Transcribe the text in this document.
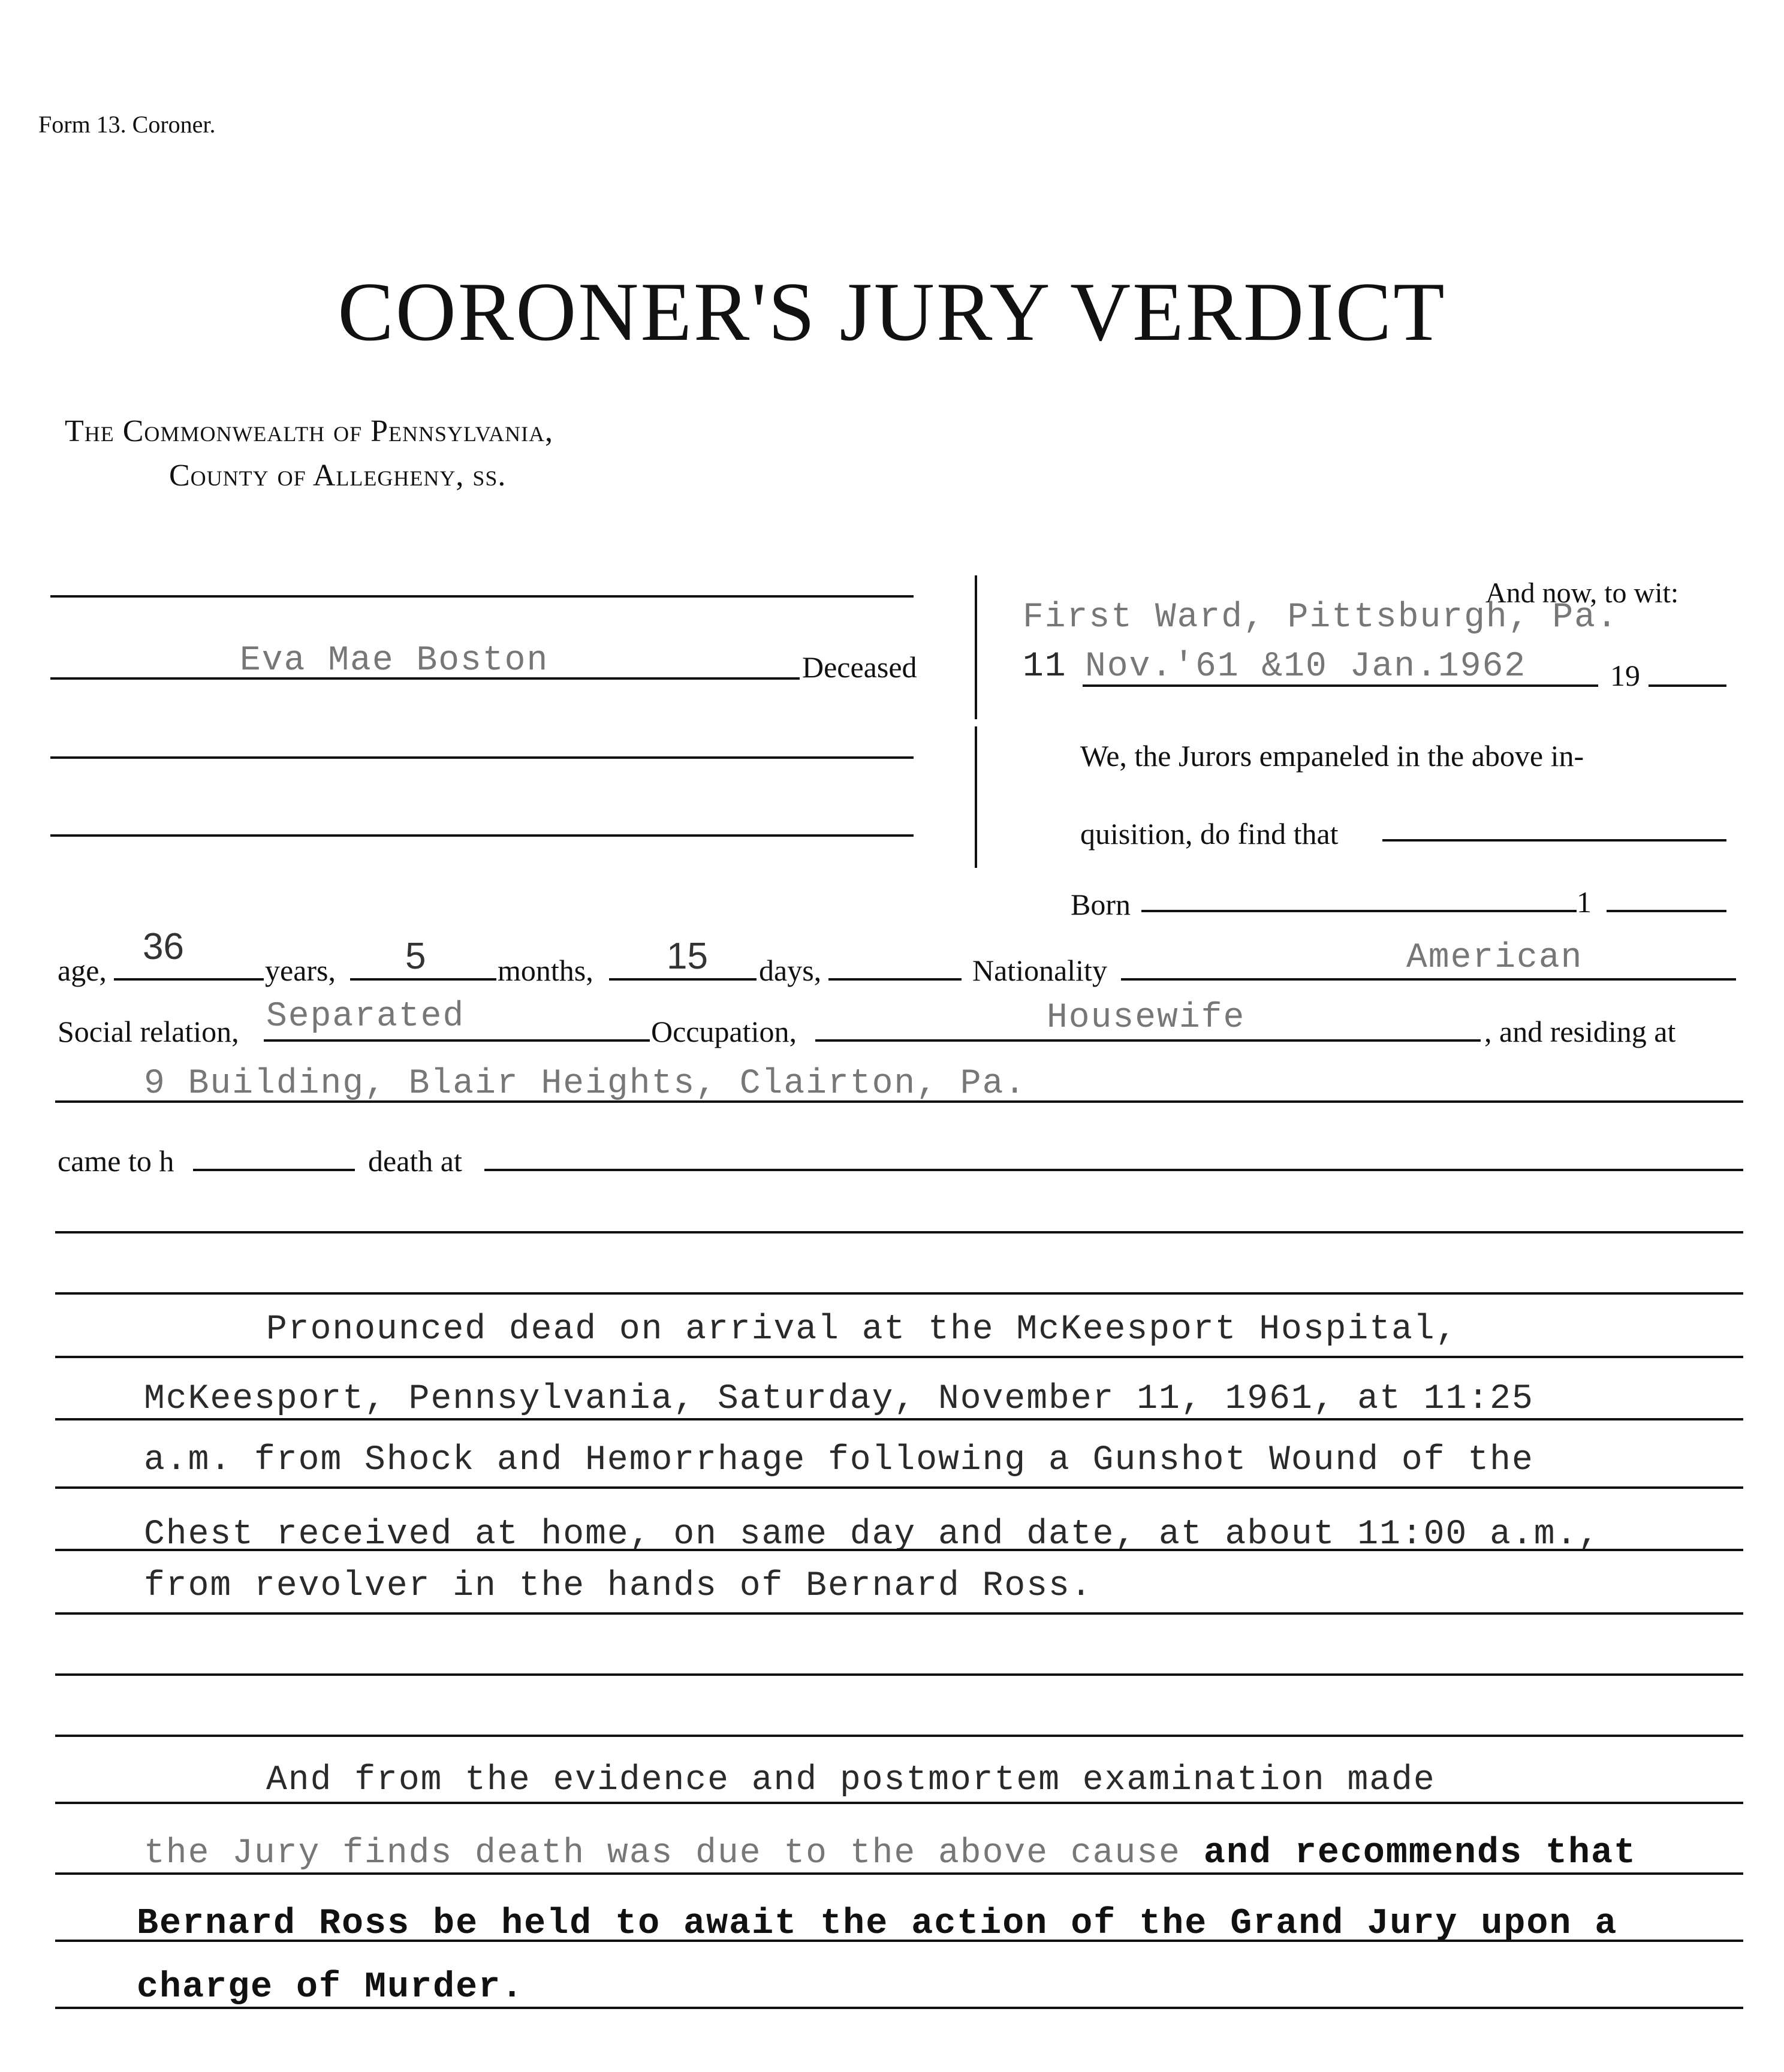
Form 13. Coroner.
CORONER'S JURY VERDICT
The Commonwealth of Pennsylvania,
County of Allegheny, ss.
Eva Mae Boston	Deceased
And now, to wit:
First Ward, Pittsburgh, Pa.
11 Nov.'61 &10 Jan.1962	19
We, the Jurors empaneled in the above in-
quisition, do find that
Born	1
age,
36
years, 5 months, 15 days,	Nationality	American
Social relation, Separated	Occupation,	Housewife	, and residing at
9 Building, Blair Heights, Clairton, Pa.
came to h	death at
Pronounced dead on arrival at the McKeesport Hospital,
McKeesport, Pennsylvania, Saturday, November 11, 1961, at 11:25
a.m. from Shock and Hemorrhage following a Gunshot Wound of the
Chest received at home, on same day and date, at about 11:00 a.m.,
from revolver in the hands of Bernard Ross.
And from the evidence and postmortem examination made
the Jury finds death was due to the above cause and recommends that
Bernard Ross be held to await the action of the Grand Jury upon a
charge of Murder.
